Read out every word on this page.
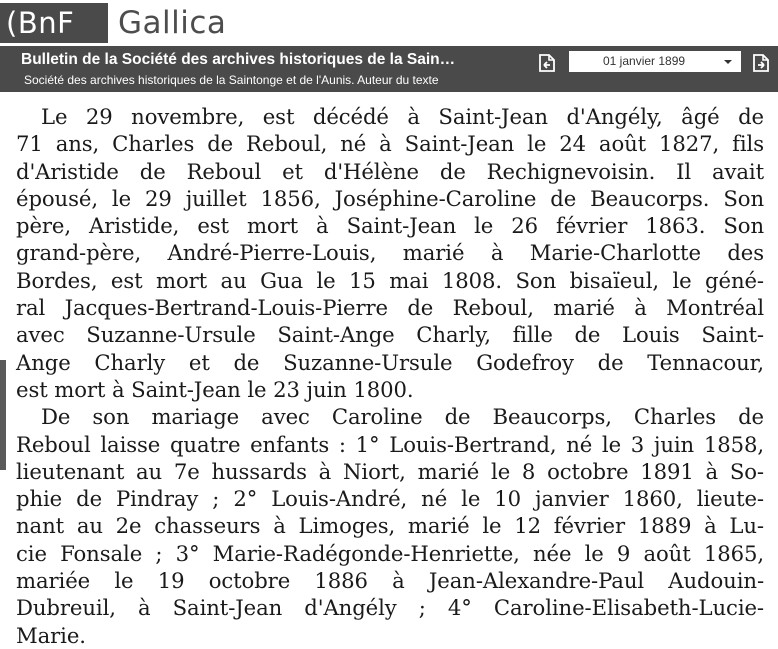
(BnF	Gallica
Bulletin de la Société des archives historiques de la Sain…
Société des archives historiques de la Saintonge et de l'Aunis. Auteur du texte
01 janvier 1899
Le 29 novembre, est décédé à Saint-Jean d'Angély, âgé de
71 ans, Charles de Reboul, né à Saint-Jean le 24 août 1827, fils
d'Aristide de Reboul et d'Hélène de Rechignevoisin. Il avait
épousé, le 29 juillet 1856, Joséphine-Caroline de Beaucorps. Son
père, Aristide, est mort à Saint-Jean le 26 février 1863. Son
grand-père, André-Pierre-Louis, marié à Marie-Charlotte des
Bordes, est mort au Gua le 15 mai 1808. Son bisaïeul, le géné-
ral Jacques-Bertrand-Louis-Pierre de Reboul, marié à Montréal
avec Suzanne-Ursule Saint-Ange Charly, fille de Louis Saint-
Ange Charly et de Suzanne-Ursule Godefroy de Tennacour,
est mort à Saint-Jean le 23 juin 1800.
De son mariage avec Caroline de Beaucorps, Charles de
Reboul laisse quatre enfants : 1° Louis-Bertrand, né le 3 juin 1858,
lieutenant au 7e hussards à Niort, marié le 8 octobre 1891 à So-
phie de Pindray ; 2° Louis-André, né le 10 janvier 1860, lieute-
nant au 2e chasseurs à Limoges, marié le 12 février 1889 à Lu-
cie Fonsale ; 3° Marie-Radégonde-Henriette, née le 9 août 1865,
mariée le 19 octobre 1886 à Jean-Alexandre-Paul Audouin-
Dubreuil, à Saint-Jean d'Angély ; 4° Caroline-Elisabeth-Lucie-
Marie.
